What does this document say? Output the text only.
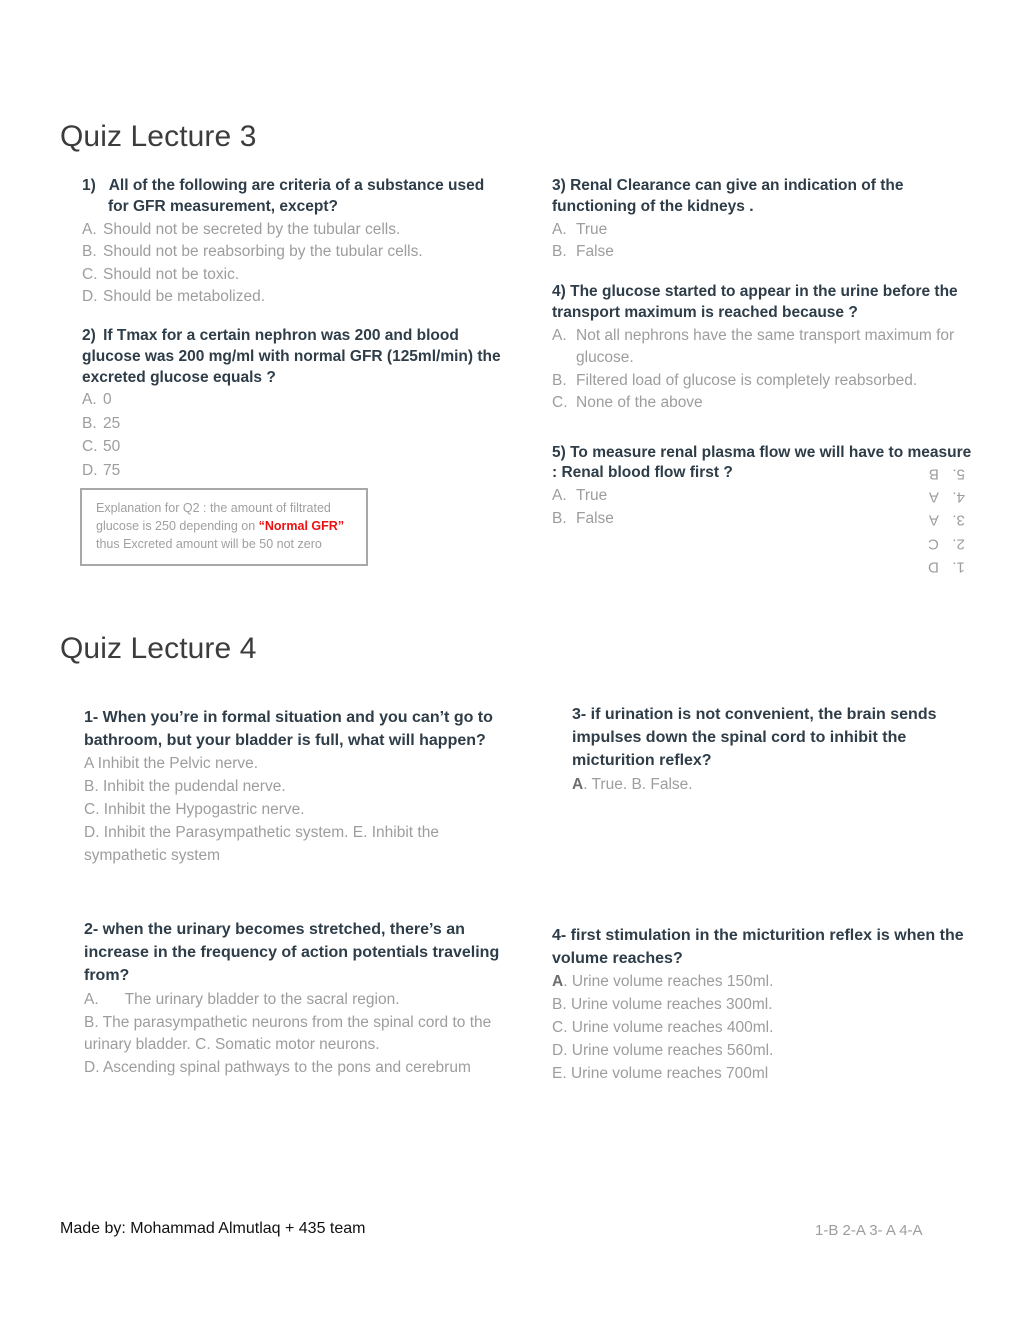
Quiz Lecture 3
1) All of the following are criteria of a substance used for GFR measurement, except?
A. Should not be secreted by the tubular cells.
B. Should not be reabsorbing by the tubular cells.
C. Should not be toxic.
D. Should be metabolized.
2) If Tmax for a certain nephron was 200 and blood glucose was 200 mg/ml with normal GFR (125ml/min) the excreted glucose equals ?
A. 0
B. 25
C. 50
D. 75
Explanation for Q2 : the amount of filtrated
glucose is 250 depending on “Normal GFR”
thus Excreted amount will be 50 not zero
3) Renal Clearance can give an indication of the functioning of the kidneys .
A. True
B. False
4) The glucose started to appear in the urine before the transport maximum is reached because ?
A. Not all nephrons have the same transport maximum for glucose.
B. Filtered load of glucose is completely reabsorbed.
C. None of the above
5) To measure renal plasma flow we will have to measure : Renal blood flow first ?
A. True
B. False
1.
D
2.
C
3.
A
4.
A
5.
B
Quiz Lecture 4
1- When you’re in formal situation and you can’t go to bathroom, but your bladder is full, what will happen?
A Inhibit the Pelvic nerve.
B. Inhibit the pudendal nerve.
C. Inhibit the Hypogastric nerve.
D. Inhibit the Parasympathetic system. E. Inhibit the sympathetic system
2- when the urinary becomes stretched, there’s an increase in the frequency of action potentials traveling from?
A. The urinary bladder to the sacral region.
B. The parasympathetic neurons from the spinal cord to the urinary bladder. C. Somatic motor neurons.
D. Ascending spinal pathways to the pons and cerebrum
3- if urination is not convenient, the brain sends impulses down the spinal cord to inhibit the micturition reflex?
A. True. B. False.
4- first stimulation in the micturition reflex is when the volume reaches?
A. Urine volume reaches 150ml.
B. Urine volume reaches 300ml.
C. Urine volume reaches 400ml.
D. Urine volume reaches 560ml.
E. Urine volume reaches 700ml
Made by: Mohammad Almutlaq + 435 team	1-B 2-A 3- A 4-A
